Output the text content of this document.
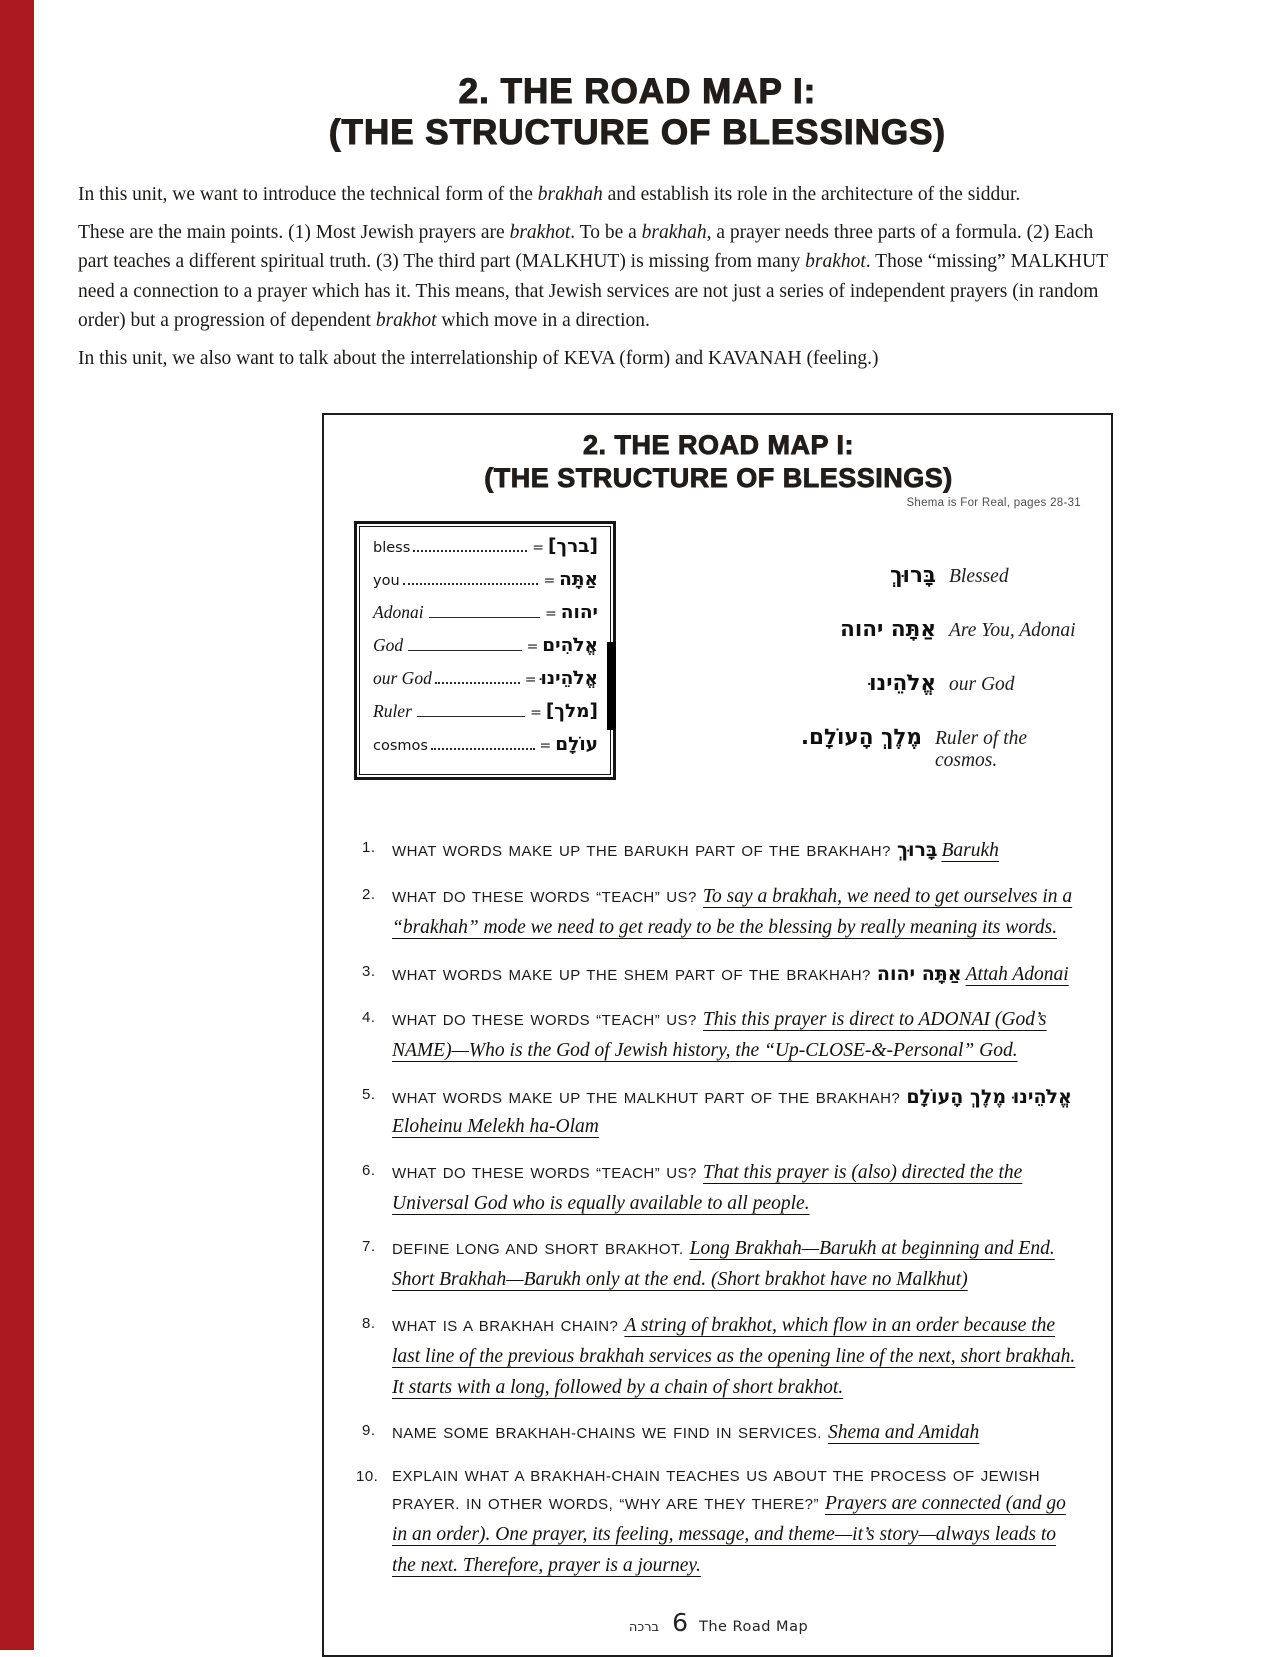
2. THE ROAD MAP I:
(THE STRUCTURE OF BLESSINGS)

In this unit, we want to introduce the technical form of the brakhah and establish its role in the architecture of the siddur.

These are the main points. (1) Most Jewish prayers are brakhot. To be a brakhah, a prayer needs three parts of a formula. (2) Each part teaches a different spiritual truth. (3) The third part (MALKHUT) is missing from many brakhot. Those “missing” MALKHUT need a connection to a prayer which has it. This means, that Jewish services are not just a series of independent prayers (in random order) but a progression of dependent brakhot which move in a direction.

In this unit, we also want to talk about the interrelationship of KEVA (form) and KAVANAH (feeling.)

2. THE ROAD MAP I:
(THE STRUCTURE OF BLESSINGS)
Shema is For Real, pages 28-31
bless	= [ברך]
you	= אַתָּה
Adonai	= יהוה
God	= אֱלֹהִים
our God	= אֱלֹהֵינוּ
Ruler	= [מלך]
cosmos	= עוֹלָם
בָּרוּךְ Blessed
אַתָּה יהוה Are You, Adonai
אֱלֹהֵינוּ our God
מֶלֶךְ הָעוֹלָם. Ruler of the cosmos.
1. WHAT WORDS MAKE UP THE BARUKH PART OF THE BRAKHAH? בָּרוּךְ Barukh
2. WHAT DO THESE WORDS “TEACH” US? To say a brakhah, we need to get ourselves in a “brakhah” mode we need to get ready to be the blessing by really meaning its words.
3. WHAT WORDS MAKE UP THE SHEM PART OF THE BRAKHAH? אַתָּה יהוה Attah Adonai
4. WHAT DO THESE WORDS “TEACH” US? This this prayer is direct to ADONAI (God’s NAME)—Who is the God of Jewish history, the “Up-CLOSE-&-Personal” God.
5. WHAT WORDS MAKE UP THE MALKHUT PART OF THE BRAKHAH? אֱלֹהֵינוּ מֶלֶךְ הָעוֹלָם Eloheinu Melekh ha-Olam
6. WHAT DO THESE WORDS “TEACH” US? That this prayer is (also) directed the the Universal God who is equally available to all people.
7. DEFINE LONG AND SHORT BRAKHOT. Long Brakhah—Barukh at beginning and End. Short Brakhah—Barukh only at the end. (Short brakhot have no Malkhut)
8. WHAT IS A BRAKHAH CHAIN? A string of brakhot, which flow in an order because the last line of the previous brakhah services as the opening line of the next, short brakhah. It starts with a long, followed by a chain of short brakhot.
9. NAME SOME BRAKHAH-CHAINS WE FIND IN SERVICES. Shema and Amidah
10. EXPLAIN WHAT A BRAKHAH-CHAIN TEACHES US ABOUT THE PROCESS OF JEWISH PRAYER. IN OTHER WORDS, “WHY ARE THEY THERE?” Prayers are connected (and go in an order). One prayer, its feeling, message, and theme—it’s story—always leads to the next. Therefore, prayer is a journey.
ברכה 6 The Road Map
